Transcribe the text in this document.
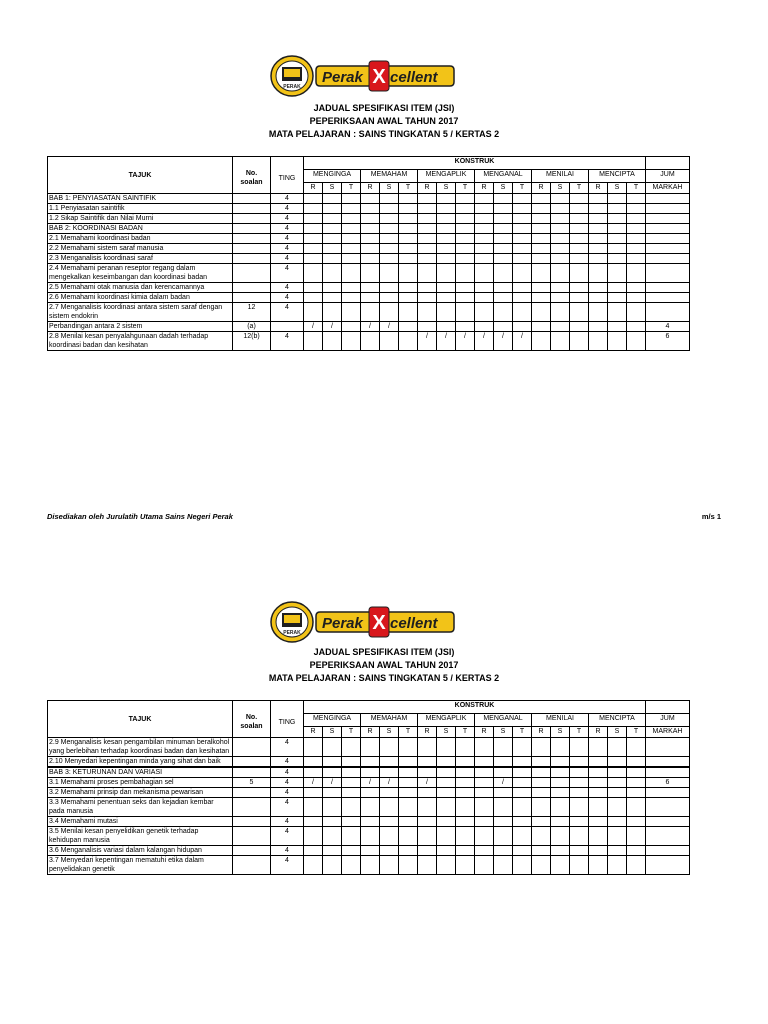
PERAK
Perak X cellent
JADUAL SPESIFIKASI ITEM (JSI)
PEPERIKSAAN AWAL TAHUN 2017
MATA PELAJARAN : SAINS TINGKATAN 5 / KERTAS 2
TAJUK	No.
soalan	TING	KONSTRUK																		
			MENGINGA			MEMAHAM			MENGAPLIK			MENGANAL			MENILAI			MENCIPTA			JUM
			R	S	T	R	S	T	R	S	T	R	S	T	R	S	T	R	S	T	MARKAH
BAB 1: PENYIASATAN SAINTIFIK		4																			
1.1 Penyiasatan saintifik		4																			
1.2 Sikap Saintifik dan Nilai Murni		4																			
BAB 2: KOORDINASI BADAN		4																			
2.1 Memahami koordinasi badan		4																			
2.2 Memahami sistem saraf manusia		4																			
2.3 Menganalisis koordinasi saraf		4																			
2.4 Memahami peranan reseptor regang dalam mengekalkan keseimbangan dan koordinasi badan		4																			
2.5 Memahami otak manusia dan kerencamannya		4																			
2.6 Memahami koordinasi kimia dalam badan		4																			
2.7 Menganalisis koordinasi antara sistem saraf dengan sistem endokrin	12	4																			
Perbandingan antara 2 sistem	(a)		/	/		/	/														4
2.8 Menilai kesan penyalahgunaan dadah terhadap koordinasi badan dan kesihatan	12(b)	4							/	/	/	/	/	/							6
Disediakan oleh Jurulatih Utama Sains Negeri Perak	m/s 1
PERAK
Perak X cellent
JADUAL SPESIFIKASI ITEM (JSI)
PEPERIKSAAN AWAL TAHUN 2017
MATA PELAJARAN : SAINS TINGKATAN 5 / KERTAS 2
TAJUK	No.
soalan	TING	KONSTRUK																		
			MENGINGA			MEMAHAM			MENGAPLIK			MENGANAL			MENILAI			MENCIPTA			JUM
			R	S	T	R	S	T	R	S	T	R	S	T	R	S	T	R	S	T	MARKAH
2.9 Menganalisis kesan pengambilan minuman beralkohol yang berlebihan terhadap koordinasi badan dan kesihatan		4																			
2.10 Menyedari kepentingan minda yang sihat dan baik		4																			

BAB 3: KETURUNAN DAN VARIASI		4																			
3.1 Memahami proses pembahagian sel	5	4	/	/		/	/		/				/								6
3.2 Memahami prinsip dan mekanisma pewarisan		4																			
3.3 Memahami penentuan seks dan kejadian kembar pada manusia		4																			
3.4 Memahami mutasi		4																			
3.5 Menilai kesan penyelidikan genetik terhadap kehidupan manusia		4																			
3.6 Menganalisis variasi dalam kalangan hidupan		4																			
3.7 Menyedari kepentingan mematuhi etika dalam penyelidakan genetik		4																			
